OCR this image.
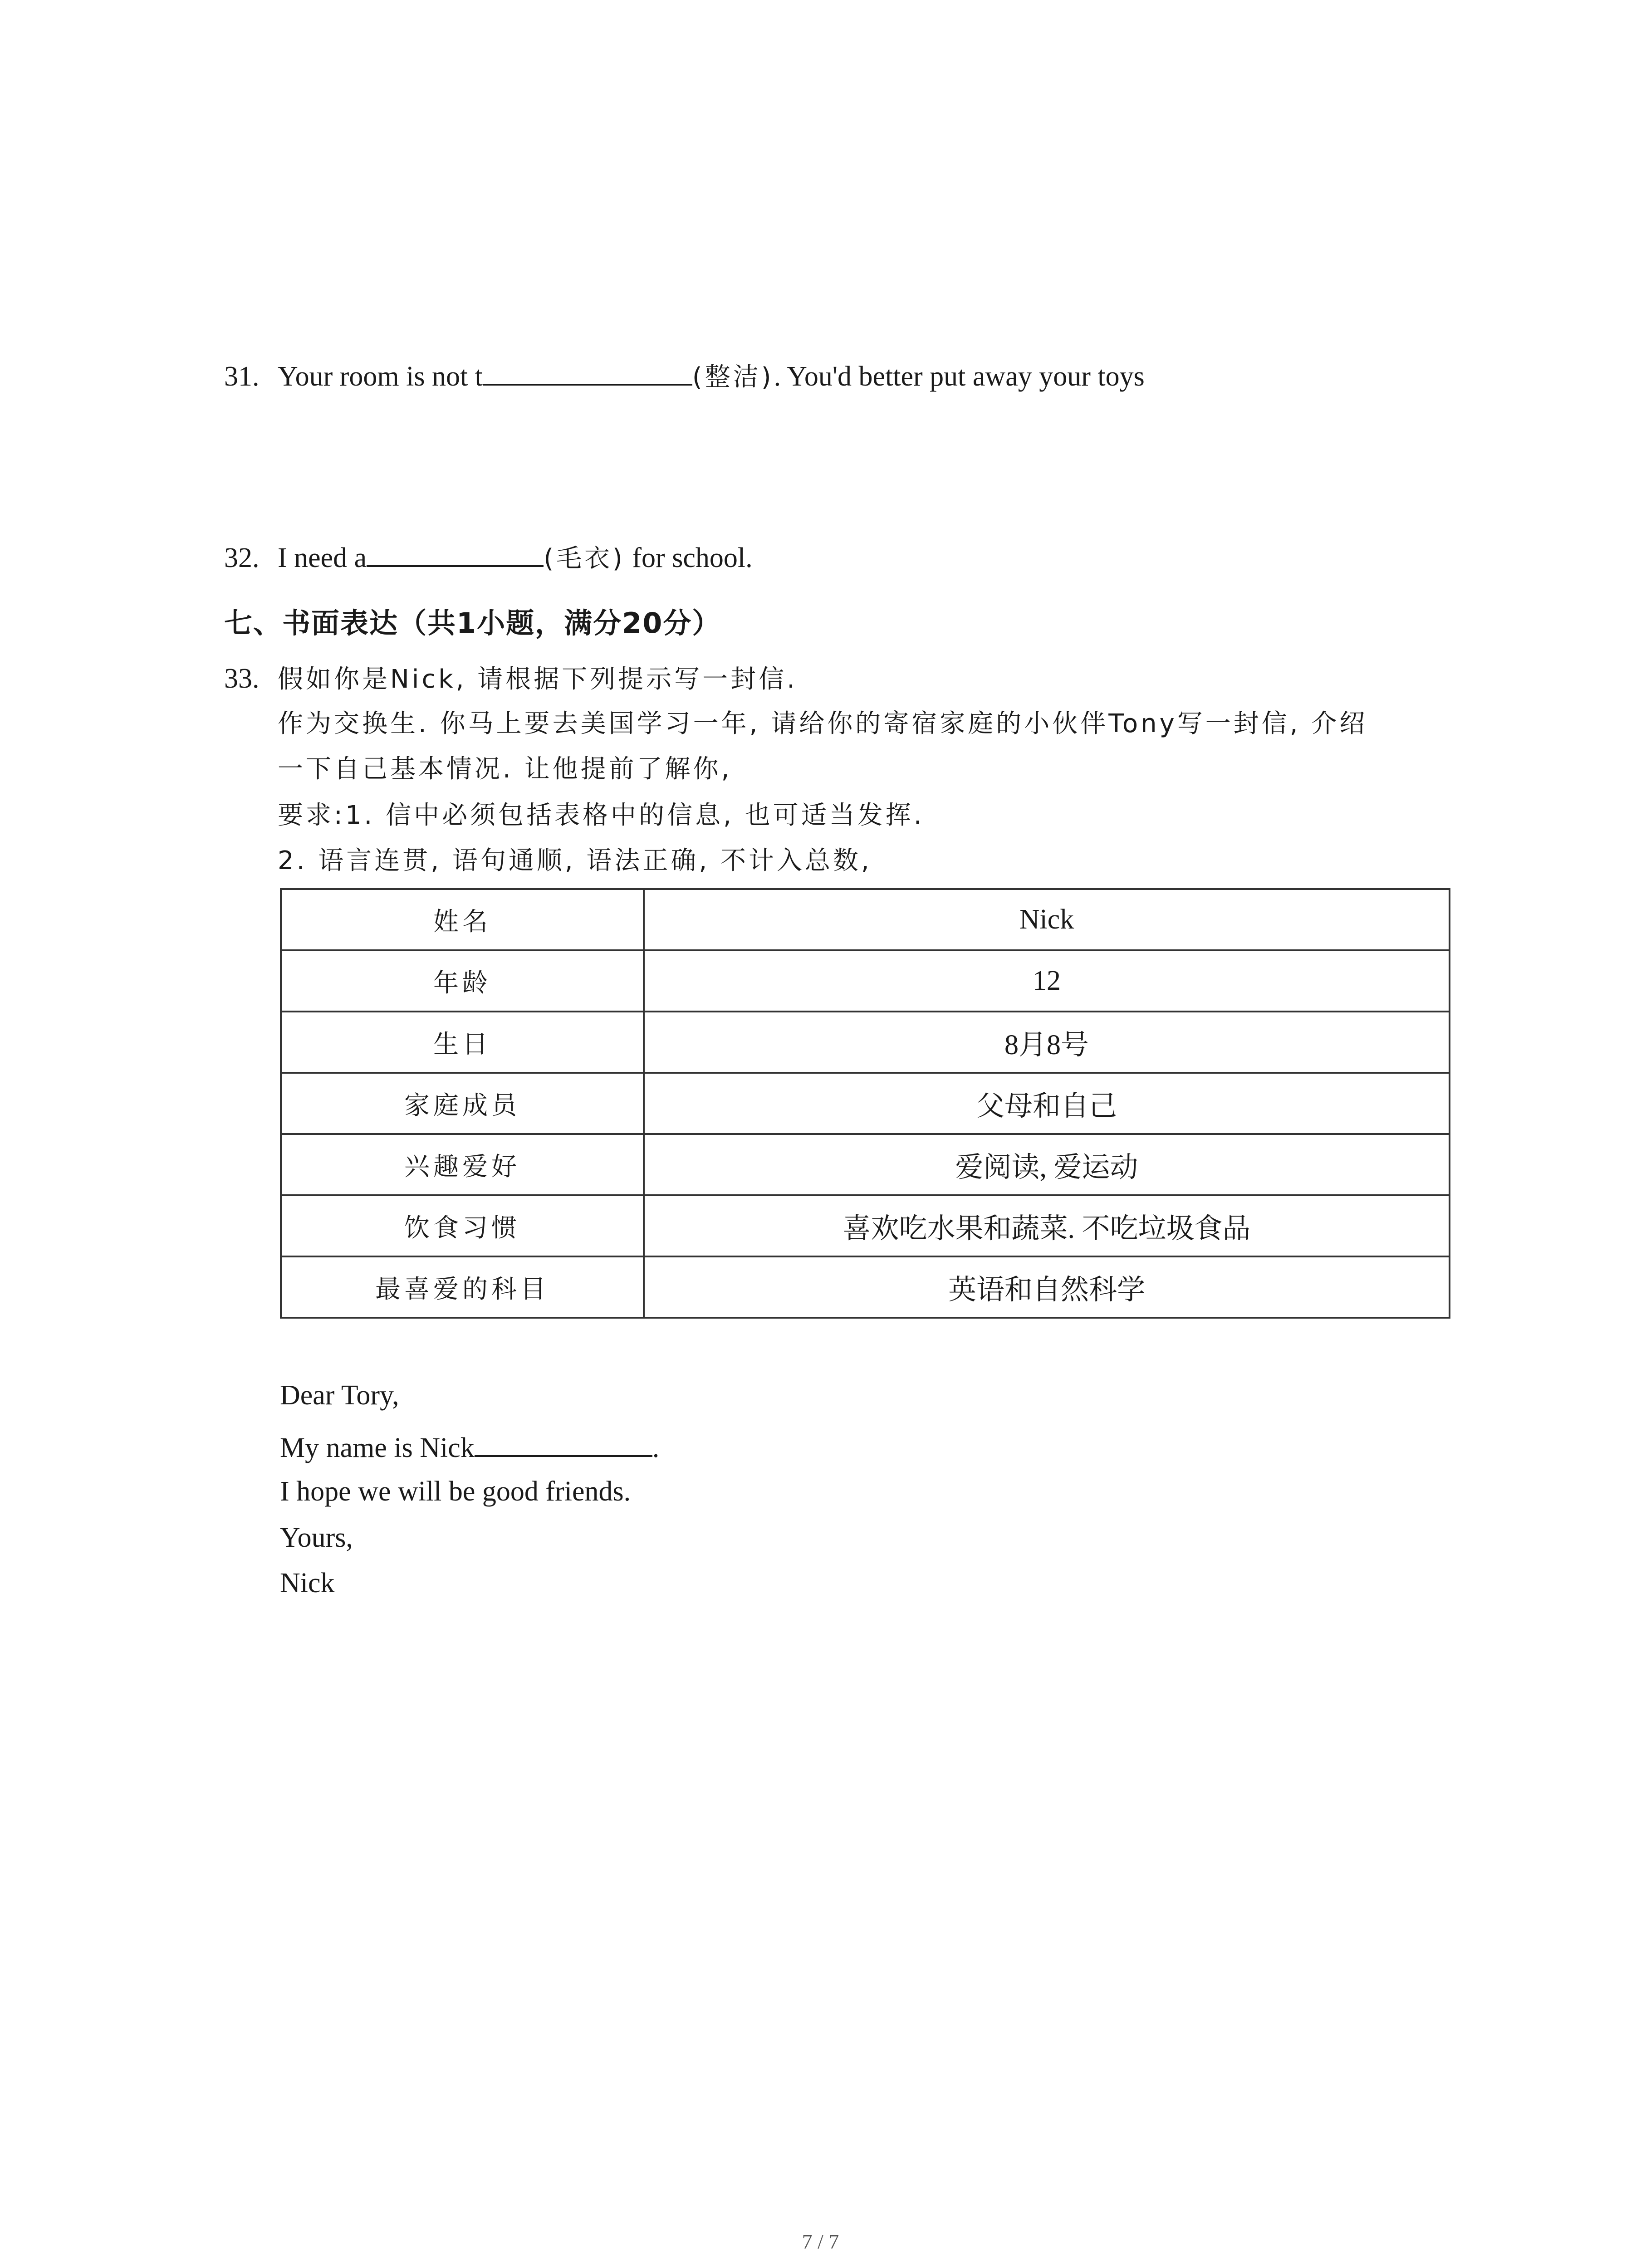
31. Your room is not t	(整洁). You'd better put away your toys
32. I need a	(毛衣) for school.
七、书面表达（共1小题，满分20分）
33. 假如你是Nick, 请根据下列提示写一封信.
作为交换生. 你马上要去美国学习一年, 请给你的寄宿家庭的小伙伴Tony写一封信, 介绍
一下自己基本情况. 让他提前了解你,
要求:1. 信中必须包括表格中的信息, 也可适当发挥.
2. 语言连贯, 语句通顺, 语法正确, 不计入总数,
姓名	Nick
年龄	12
生日	8月8号
家庭成员	父母和自己
兴趣爱好	爱阅读, 爱运动
饮食习惯	喜欢吃水果和蔬菜. 不吃垃圾食品
最喜爱的科目	英语和自然科学
Dear Tory,
My name is Nick	.
I hope we will be good friends.
Yours,
Nick
7 / 7
